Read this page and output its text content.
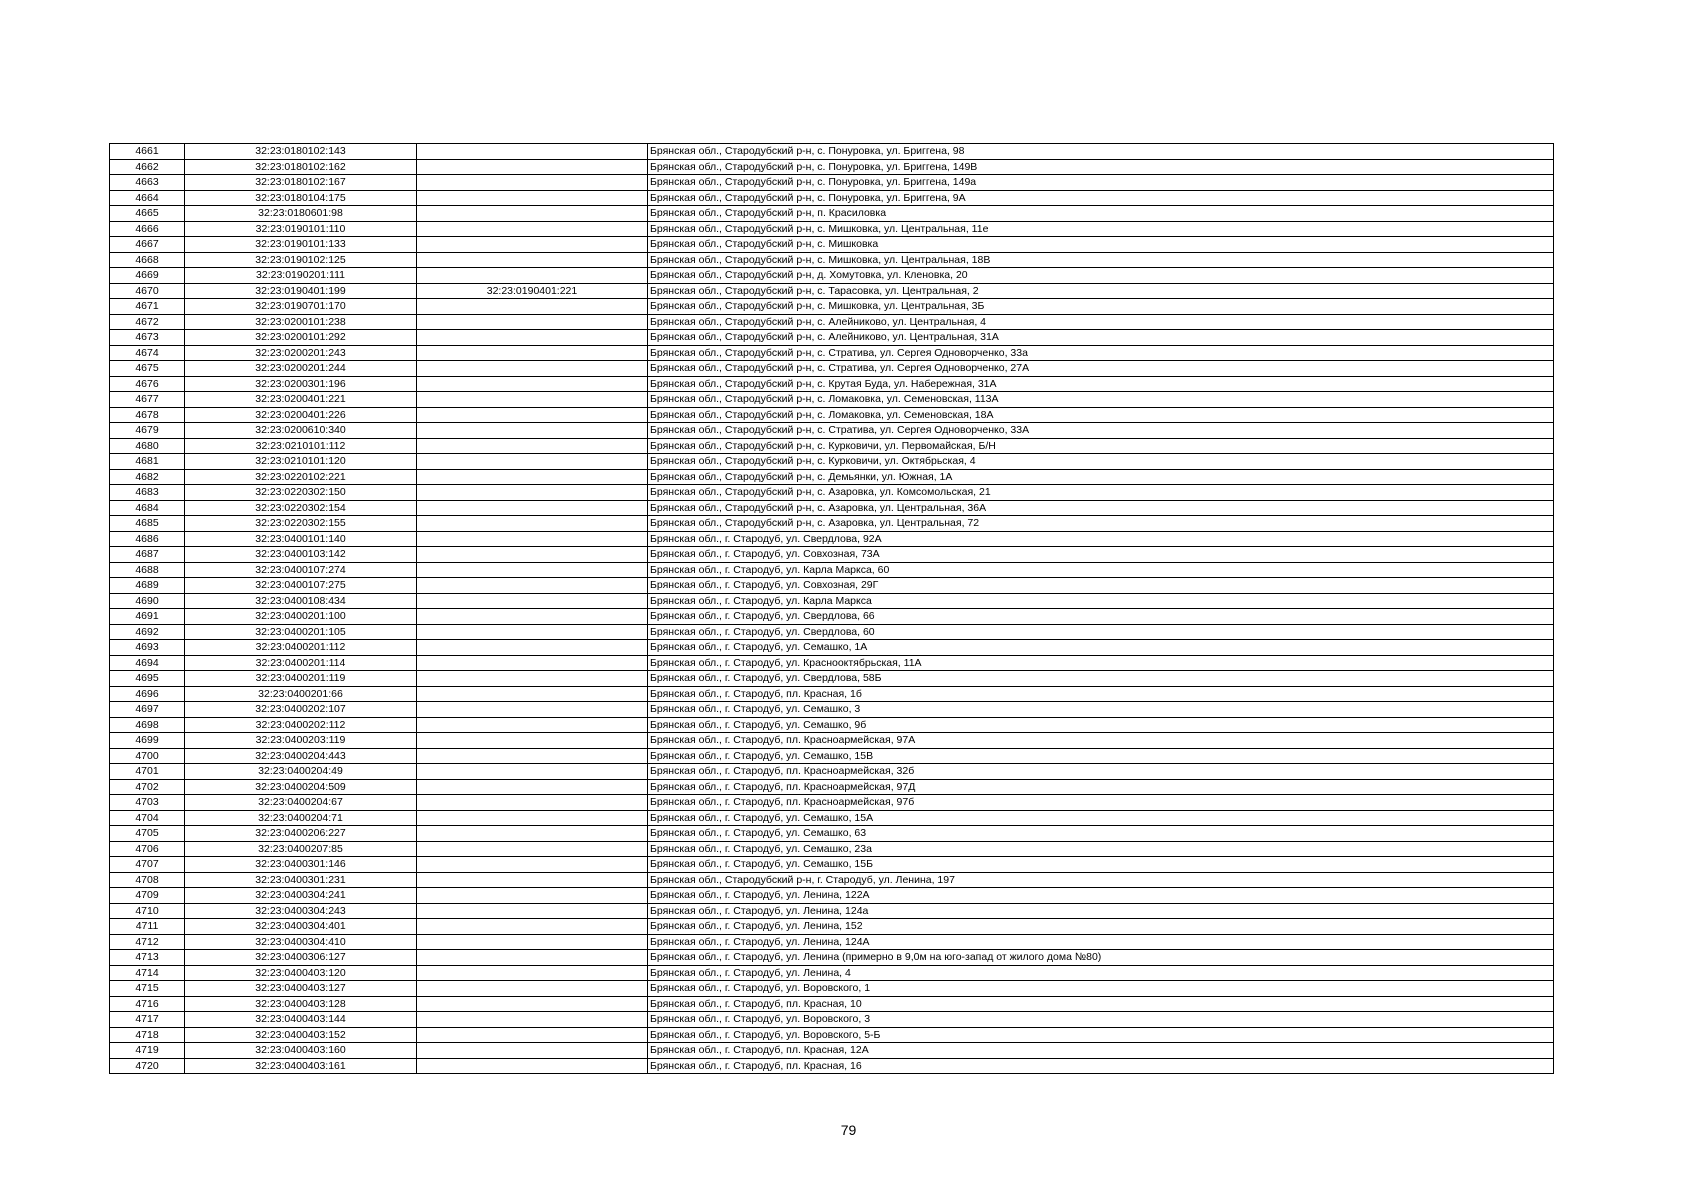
4661	32:23:0180102:143		Брянская обл., Стародубский р-н, с. Понуровка, ул. Бриггена, 98
4662	32:23:0180102:162		Брянская обл., Стародубский р-н, с. Понуровка, ул. Бриггена, 149В
4663	32:23:0180102:167		Брянская обл., Стародубский р-н, с. Понуровка, ул. Бриггена, 149а
4664	32:23:0180104:175		Брянская обл., Стародубский р-н, с. Понуровка, ул. Бриггена, 9А
4665	32:23:0180601:98		Брянская обл., Стародубский р-н, п. Красиловка
4666	32:23:0190101:110		Брянская обл., Стародубский р-н, с. Мишковка, ул. Центральная, 11е
4667	32:23:0190101:133		Брянская обл., Стародубский р-н, с. Мишковка
4668	32:23:0190102:125		Брянская обл., Стародубский р-н, с. Мишковка, ул. Центральная, 18В
4669	32:23:0190201:111		Брянская обл., Стародубский р-н, д. Хомутовка, ул. Кленовка, 20
4670	32:23:0190401:199	32:23:0190401:221	Брянская обл., Стародубский р-н, с. Тарасовка, ул. Центральная, 2
4671	32:23:0190701:170		Брянская обл., Стародубский р-н, с. Мишковка, ул. Центральная, 3Б
4672	32:23:0200101:238		Брянская обл., Стародубский р-н, с. Алейниково, ул. Центральная, 4
4673	32:23:0200101:292		Брянская обл., Стародубский р-н, с. Алейниково, ул. Центральная, 31А
4674	32:23:0200201:243		Брянская обл., Стародубский р-н, с. Стратива, ул. Сергея Одноворченко, 33а
4675	32:23:0200201:244		Брянская обл., Стародубский р-н, с. Стратива, ул. Сергея Одноворченко, 27А
4676	32:23:0200301:196		Брянская обл., Стародубский р-н, с. Крутая Буда, ул. Набережная, 31А
4677	32:23:0200401:221		Брянская обл., Стародубский р-н, с. Ломаковка, ул. Семеновская, 113А
4678	32:23:0200401:226		Брянская обл., Стародубский р-н, с. Ломаковка, ул. Семеновская, 18А
4679	32:23:0200610:340		Брянская обл., Стародубский р-н, с. Стратива, ул. Сергея Одноворченко, 33А
4680	32:23:0210101:112		Брянская обл., Стародубский р-н, с. Курковичи, ул. Первомайская, Б/Н
4681	32:23:0210101:120		Брянская обл., Стародубский р-н, с. Курковичи, ул. Октябрьская, 4
4682	32:23:0220102:221		Брянская обл., Стародубский р-н, с. Демьянки, ул. Южная, 1А
4683	32:23:0220302:150		Брянская обл., Стародубский р-н, с. Азаровка, ул. Комсомольская, 21
4684	32:23:0220302:154		Брянская обл., Стародубский р-н, с. Азаровка, ул. Центральная, 36А
4685	32:23:0220302:155		Брянская обл., Стародубский р-н, с. Азаровка, ул. Центральная, 72
4686	32:23:0400101:140		Брянская обл., г. Стародуб, ул. Свердлова, 92А
4687	32:23:0400103:142		Брянская обл., г. Стародуб, ул. Совхозная, 73А
4688	32:23:0400107:274		Брянская обл., г. Стародуб, ул. Карла Маркса, 60
4689	32:23:0400107:275		Брянская обл., г. Стародуб, ул. Совхозная, 29Г
4690	32:23:0400108:434		Брянская обл., г. Стародуб, ул. Карла Маркса
4691	32:23:0400201:100		Брянская обл., г. Стародуб, ул. Свердлова, 66
4692	32:23:0400201:105		Брянская обл., г. Стародуб, ул. Свердлова, 60
4693	32:23:0400201:112		Брянская обл., г. Стародуб, ул. Семашко, 1А
4694	32:23:0400201:114		Брянская обл., г. Стародуб, ул. Краснооктябрьская, 11А
4695	32:23:0400201:119		Брянская обл., г. Стародуб, ул. Свердлова, 58Б
4696	32:23:0400201:66		Брянская обл., г. Стародуб, пл. Красная, 1б
4697	32:23:0400202:107		Брянская обл., г. Стародуб, ул. Семашко, 3
4698	32:23:0400202:112		Брянская обл., г. Стародуб, ул. Семашко, 9б
4699	32:23:0400203:119		Брянская обл., г. Стародуб, пл. Красноармейская, 97А
4700	32:23:0400204:443		Брянская обл., г. Стародуб, ул. Семашко, 15В
4701	32:23:0400204:49		Брянская обл., г. Стародуб, пл. Красноармейская, 32б
4702	32:23:0400204:509		Брянская обл., г. Стародуб, пл. Красноармейская, 97Д
4703	32:23:0400204:67		Брянская обл., г. Стародуб, пл. Красноармейская, 97б
4704	32:23:0400204:71		Брянская обл., г. Стародуб, ул. Семашко, 15А
4705	32:23:0400206:227		Брянская обл., г. Стародуб, ул. Семашко, 63
4706	32:23:0400207:85		Брянская обл., г. Стародуб, ул. Семашко, 23а
4707	32:23:0400301:146		Брянская обл., г. Стародуб, ул. Семашко, 15Б
4708	32:23:0400301:231		Брянская обл., Стародубский р-н, г. Стародуб, ул. Ленина, 197
4709	32:23:0400304:241		Брянская обл., г. Стародуб, ул. Ленина, 122А
4710	32:23:0400304:243		Брянская обл., г. Стародуб, ул. Ленина, 124а
4711	32:23:0400304:401		Брянская обл., г. Стародуб, ул. Ленина, 152
4712	32:23:0400304:410		Брянская обл., г. Стародуб, ул. Ленина, 124А
4713	32:23:0400306:127		Брянская обл., г. Стародуб, ул. Ленина (примерно в 9,0м на юго-запад от жилого дома №80)
4714	32:23:0400403:120		Брянская обл., г. Стародуб, ул. Ленина, 4
4715	32:23:0400403:127		Брянская обл., г. Стародуб, ул. Воровского, 1
4716	32:23:0400403:128		Брянская обл., г. Стародуб, пл. Красная, 10
4717	32:23:0400403:144		Брянская обл., г. Стародуб, ул. Воровского, 3
4718	32:23:0400403:152		Брянская обл., г. Стародуб, ул. Воровского, 5-Б
4719	32:23:0400403:160		Брянская обл., г. Стародуб, пл. Красная, 12А
4720	32:23:0400403:161		Брянская обл., г. Стародуб, пл. Красная, 16
79
